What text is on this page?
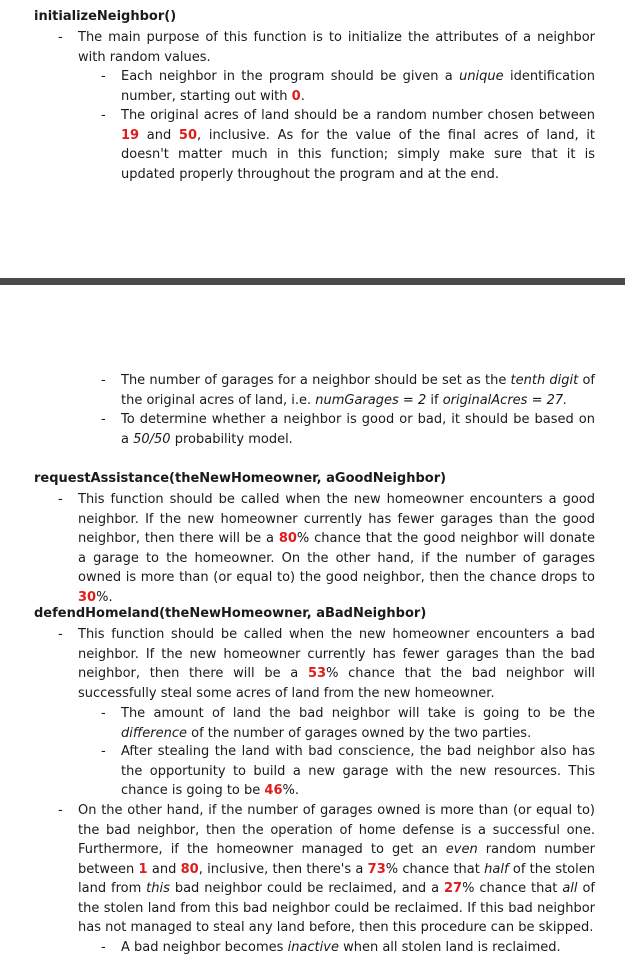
initializeNeighbor()
- The main purpose of this function is to initialize the attributes of a neighbor with random values.
- Each neighbor in the program should be given a unique identification number, starting out with 0.
- The original acres of land should be a random number chosen between 19 and 50, inclusive. As for the value of the final acres of land, it doesn't matter much in this function; simply make sure that it is updated properly throughout the program and at the end.
- The number of garages for a neighbor should be set as the tenth digit of the original acres of land, i.e. numGarages = 2 if originalAcres = 27.
- To determine whether a neighbor is good or bad, it should be based on a 50/50 probability model.
requestAssistance(theNewHomeowner, aGoodNeighbor)
- This function should be called when the new homeowner encounters a good neighbor. If the new homeowner currently has fewer garages than the good neighbor, then there will be a 80% chance that the good neighbor will donate a garage to the homeowner. On the other hand, if the number of garages owned is more than (or equal to) the good neighbor, then the chance drops to 30%.
defendHomeland(theNewHomeowner, aBadNeighbor)
- This function should be called when the new homeowner encounters a bad neighbor. If the new homeowner currently has fewer garages than the bad neighbor, then there will be a 53% chance that the bad neighbor will successfully steal some acres of land from the new homeowner.
- The amount of land the bad neighbor will take is going to be the difference of the number of garages owned by the two parties.
- After stealing the land with bad conscience, the bad neighbor also has the opportunity to build a new garage with the new resources. This chance is going to be 46%.
- On the other hand, if the number of garages owned is more than (or equal to) the bad neighbor, then the operation of home defense is a successful one. Furthermore, if the homeowner managed to get an even random number between 1 and 80, inclusive, then there's a 73% chance that half of the stolen land from this bad neighbor could be reclaimed, and a 27% chance that all of the stolen land from this bad neighbor could be reclaimed. If this bad neighbor has not managed to steal any land before, then this procedure can be skipped.
- A bad neighbor becomes inactive when all stolen land is reclaimed.
